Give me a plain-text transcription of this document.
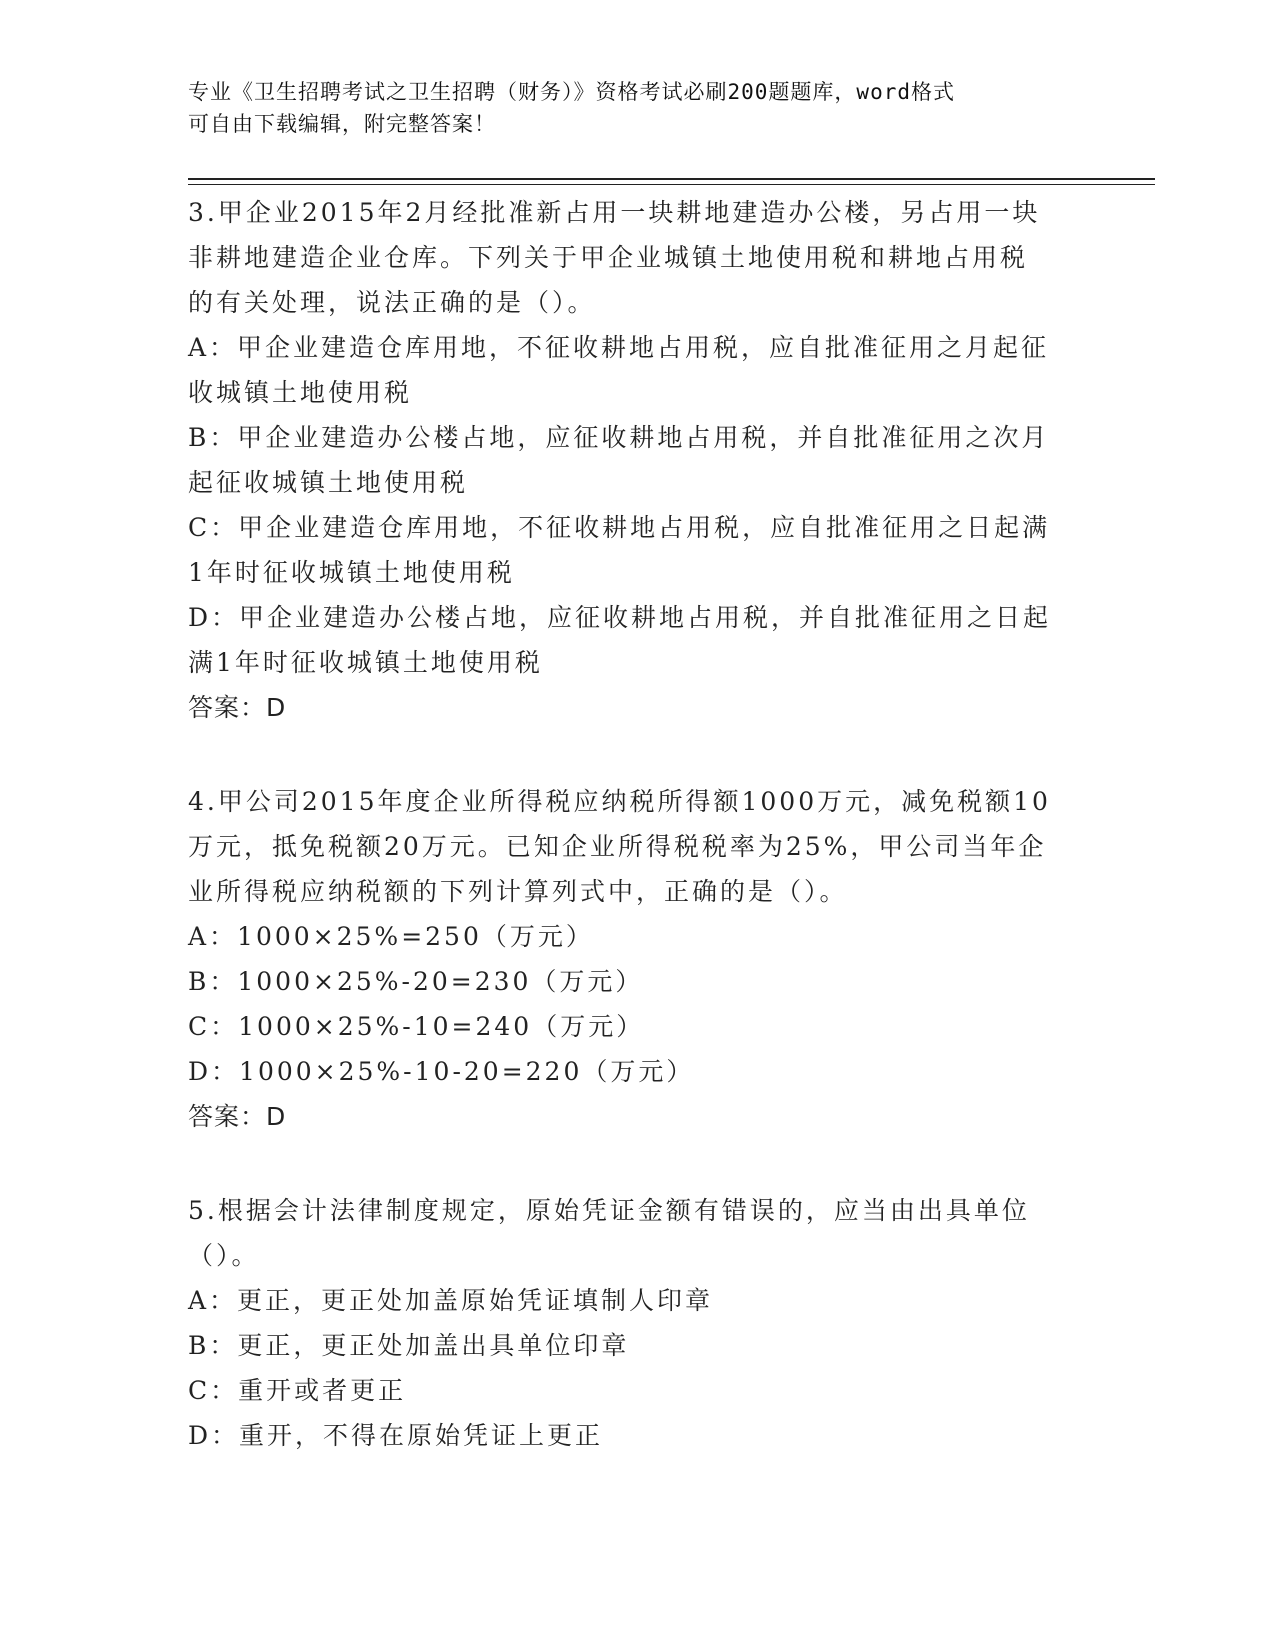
专业《卫生招聘考试之卫生招聘（财务）》资格考试必刷200题题库，word格式
可自由下载编辑，附完整答案！
3.甲企业2015年2月经批准新占用一块耕地建造办公楼，另占用一块
非耕地建造企业仓库。下列关于甲企业城镇土地使用税和耕地占用税
的有关处理，说法正确的是（）。
A：甲企业建造仓库用地，不征收耕地占用税，应自批准征用之月起征
收城镇土地使用税
B：甲企业建造办公楼占地，应征收耕地占用税，并自批准征用之次月
起征收城镇土地使用税
C：甲企业建造仓库用地，不征收耕地占用税，应自批准征用之日起满
1年时征收城镇土地使用税
D：甲企业建造办公楼占地，应征收耕地占用税，并自批准征用之日起
满1年时征收城镇土地使用税
答案：D
4.甲公司2015年度企业所得税应纳税所得额1000万元，减免税额10
万元，抵免税额20万元。已知企业所得税税率为25%，甲公司当年企
业所得税应纳税额的下列计算列式中，正确的是（）。
A：1000×25%=250（万元）
B：1000×25%-20=230（万元）
C：1000×25%-10=240（万元）
D：1000×25%-10-20=220（万元）
答案：D
5.根据会计法律制度规定，原始凭证金额有错误的，应当由出具单位
（）。
A：更正，更正处加盖原始凭证填制人印章
B：更正，更正处加盖出具单位印章
C：重开或者更正
D：重开，不得在原始凭证上更正
